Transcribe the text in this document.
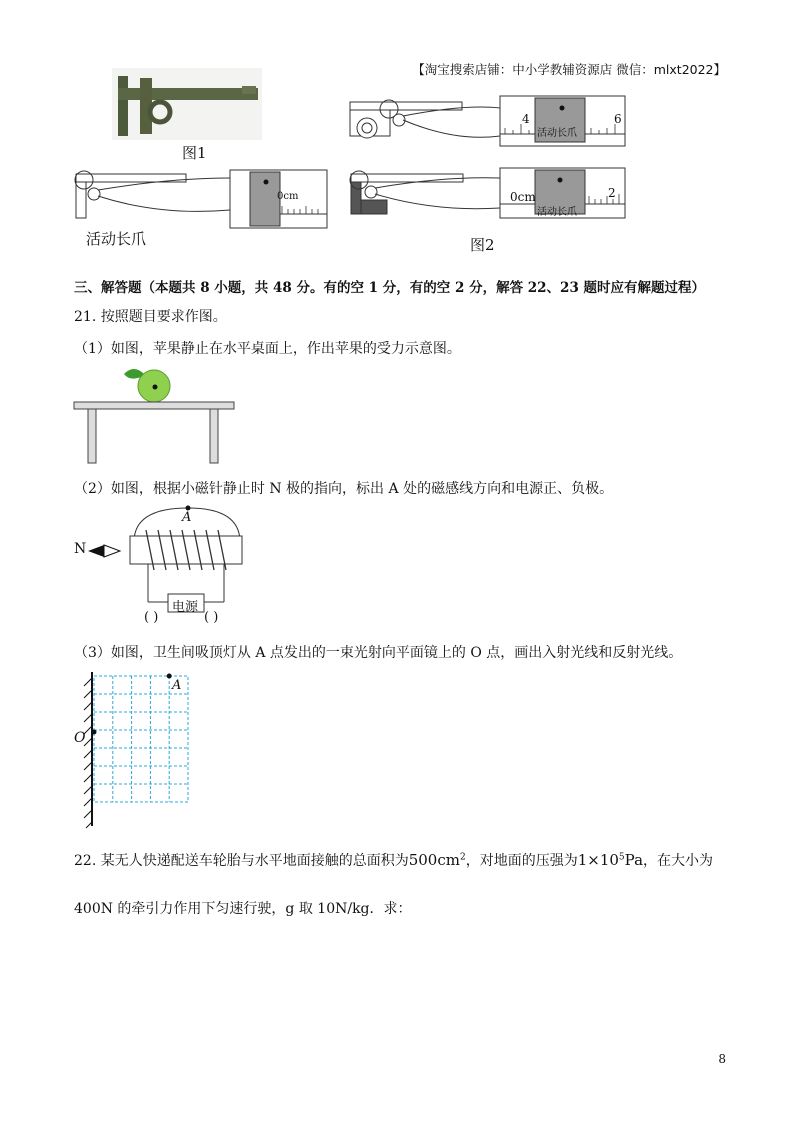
【淘宝搜索店铺：中小学教辅资源店 微信：mlxt2022】
图1
4	6
活动长爪
0cm
活动长爪
0cm	2
活动长爪
图2
三、解答题（本题共 8 小题，共 48 分。有的空 1 分，有的空 2 分，解答 22、23 题时应有解题过程）
21. 按照题目要求作图。
（1）如图，苹果静止在水平桌面上，作出苹果的受力示意图。
（2）如图，根据小磁针静止时 N 极的指向，标出 A 处的磁感线方向和电源正、负极。
N
A
电源
( )	( )
（3）如图，卫生间吸顶灯从 A 点发出的一束光射向平面镜上的 O 点，画出入射光线和反射光线。
A
O
22. 某无人快递配送车轮胎与水平地面接触的总面积为$500cm^2$，对地面的压强为$1\times 10^5Pa$，在大小为
400N 的牵引力作用下匀速行驶，g 取 10N/kg．求：
8
